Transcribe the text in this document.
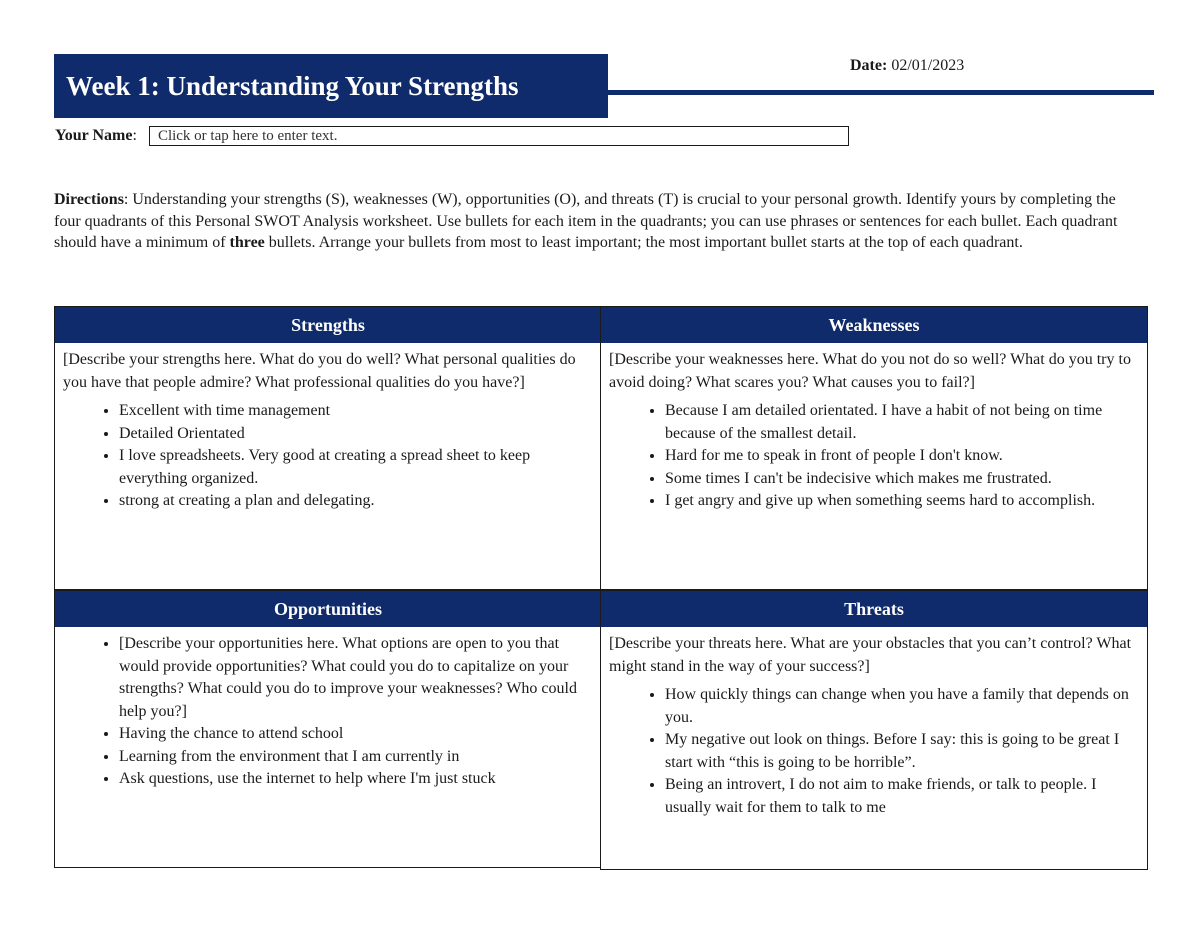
Week 1: Understanding Your Strengths
Date: 02/01/2023
Your Name:	Click or tap here to enter text.
Directions: Understanding your strengths (S), weaknesses (W), opportunities (O), and threats (T) is crucial to your personal growth. Identify yours by completing the four quadrants of this Personal SWOT Analysis worksheet. Use bullets for each item in the quadrants; you can use phrases or sentences for each bullet. Each quadrant should have a minimum of three bullets. Arrange your bullets from most to least important; the most important bullet starts at the top of each quadrant.
Strengths

[Describe your strengths here. What do you do well? What personal qualities do you have that people admire? What professional qualities do you have?]

• Excellent with time management
• Detailed Orientated
• I love spreadsheets. Very good at creating a spread sheet to keep everything organized.
• strong at creating a plan and delegating.
Weaknesses

[Describe your weaknesses here. What do you not do so well? What do you try to avoid doing? What scares you? What causes you to fail?]

• Because I am detailed orientated. I have a habit of not being on time because of the smallest detail.
• Hard for me to speak in front of people I don't know.
• Some times I can't be indecisive which makes me frustrated.
• I get angry and give up when something seems hard to accomplish.
Opportunities
• [Describe your opportunities here. What options are open to you that would provide opportunities? What could you do to capitalize on your strengths? What could you do to improve your weaknesses? Who could help you?]
• Having the chance to attend school
• Learning from the environment that I am currently in
• Ask questions, use the internet to help where I'm just stuck
Threats

[Describe your threats here. What are your obstacles that you can’t control? What might stand in the way of your success?]

• How quickly things can change when you have a family that depends on you.
• My negative out look on things. Before I say: this is going to be great I start with “this is going to be horrible”.
• Being an introvert, I do not aim to make friends, or talk to people. I usually wait for them to talk to me
